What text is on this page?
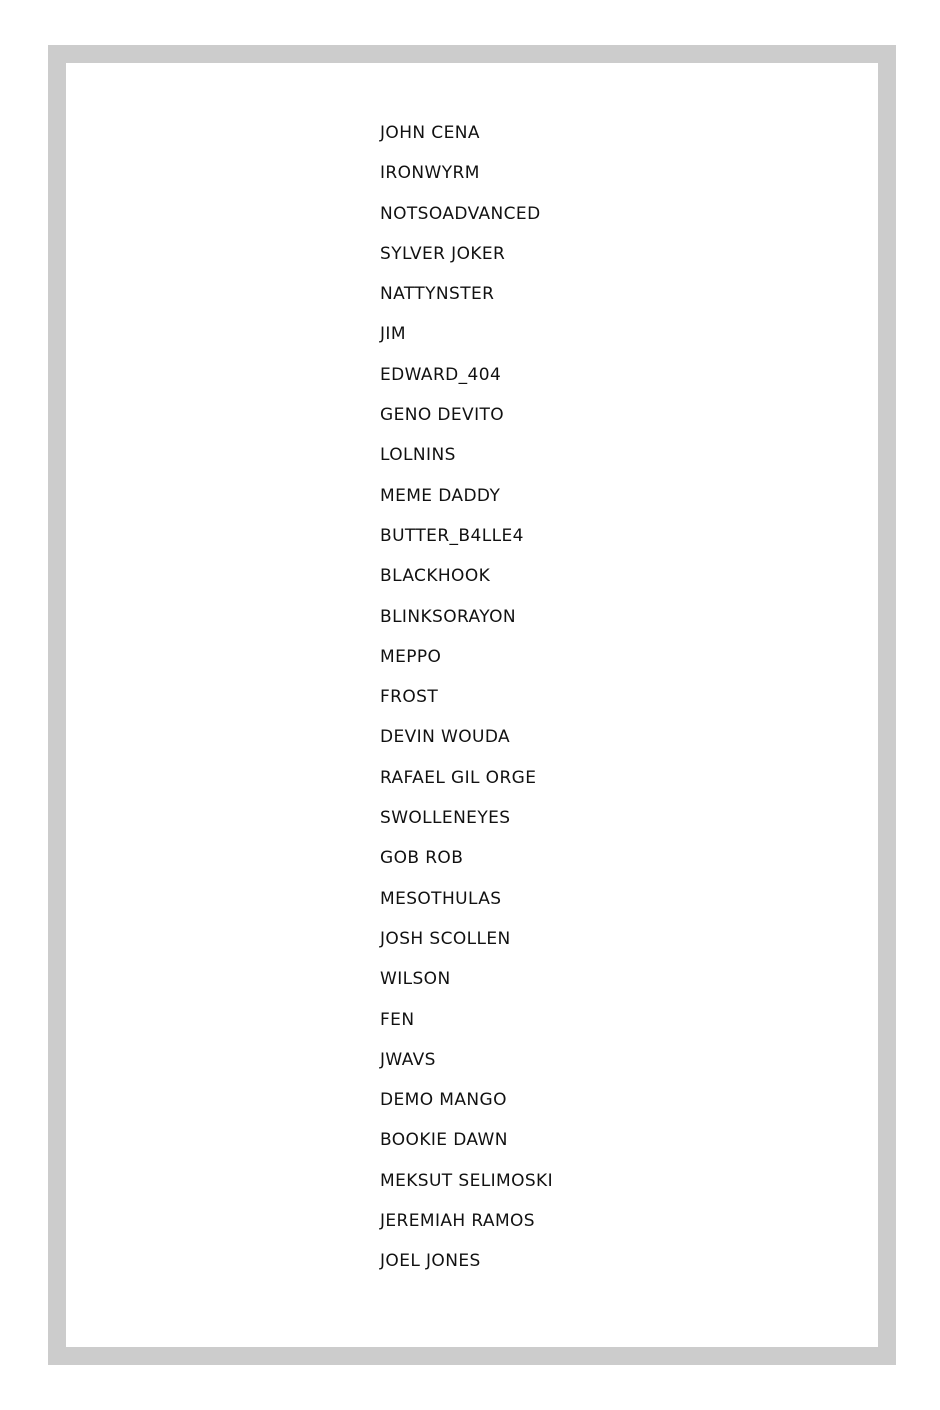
JOHN CENA
IRONWYRM
NOTSOADVANCED
SYLVER JOKER
NATTYNSTER
JIM
EDWARD_404
GENO DEVITO
LOLNINS
MEME DADDY
BUTTER_B4LLE4
BLACKHOOK
BLINKSORAYON
MEPPO
FROST
DEVIN WOUDA
RAFAEL GIL ORGE
SWOLLENEYES
GOB ROB
MESOTHULAS
JOSH SCOLLEN
WILSON
FEN
JWAVS
DEMO MANGO
BOOKIE DAWN
MEKSUT SELIMOSKI
JEREMIAH RAMOS
JOEL JONES
